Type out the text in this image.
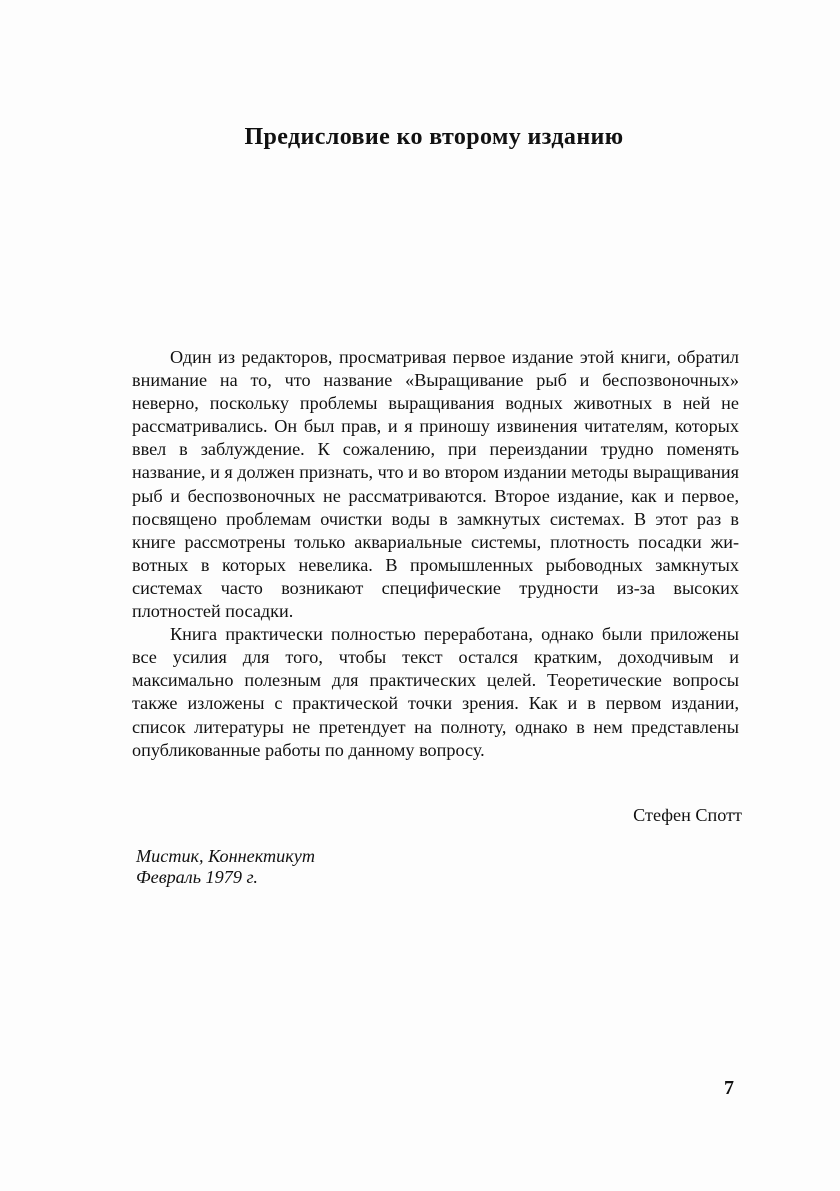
Предисловие ко второму изданию

Один из редакторов, просматривая первое издание этой книги, обратил внимание на то, что название «Выращивание рыб и беспозвоночных» неверно, поскольку проблемы выращивания водных животных в ней не рассматривались. Он был прав, и я приношу извинения читателям, которых ввел в заблуждение. К сожалению, при переиздании трудно поменять название, и я должен признать, что и во втором издании методы выращивания рыб и беспозвоночных не рассматриваются. Второе издание, как и первое, посвящено проблемам очистки воды в замкнутых системах. В этот раз в книге рассмотрены только аквариальные системы, плотность посадки животных в которых невелика. В промышленных рыбоводных замкнутых системах часто возникают специфические трудности из-за высоких плотностей посадки.

Книга практически полностью переработана, однако были приложены все усилия для того, чтобы текст остался кратким, доходчивым и максимально полезным для практических целей. Теоретические вопросы также изложены с практической точки зрения. Как и в первом издании, список литературы не претендует на полноту, однако в нем представлены опубликованные работы по данному вопросу.

Стефен Спотт

Мистик, Коннектикут
Февраль 1979 г.
7
